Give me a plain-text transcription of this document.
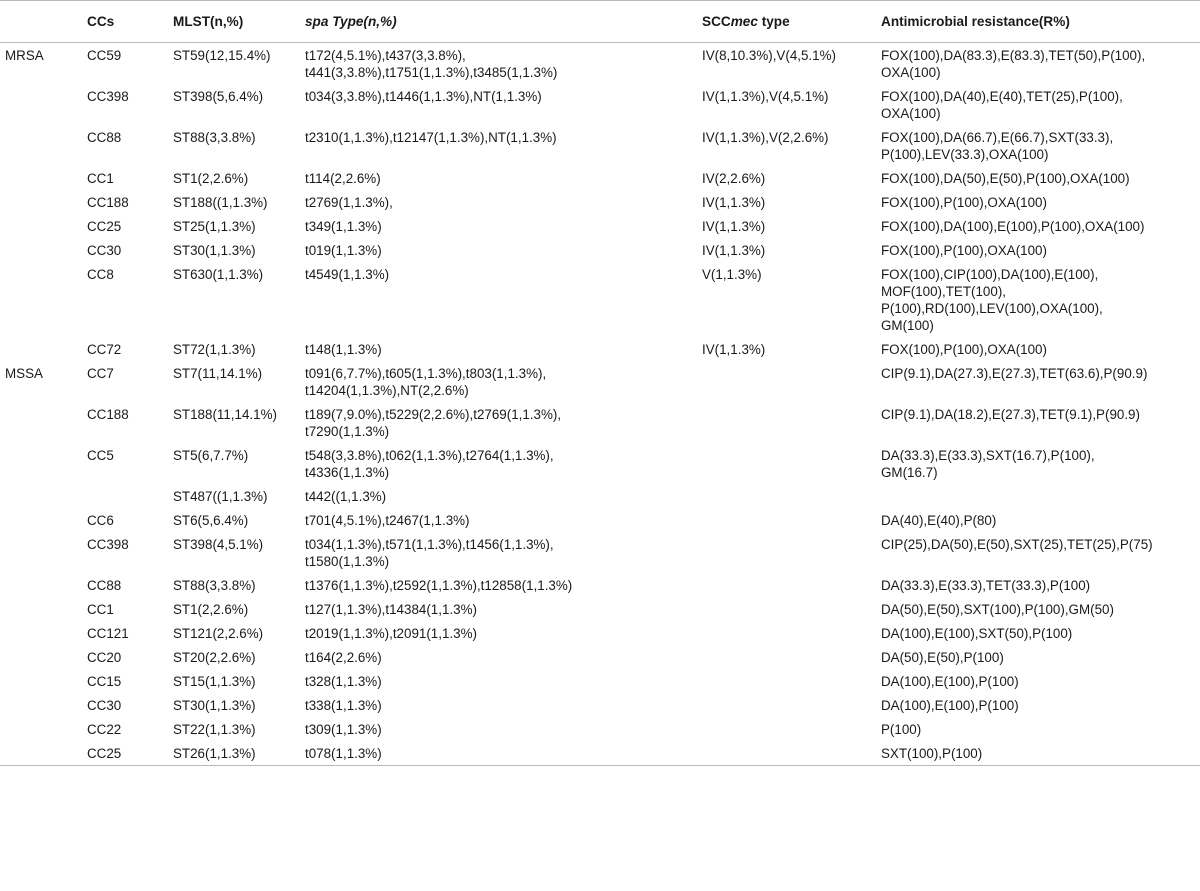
	CCs	MLST(n,%)	spa Type(n,%)	SCCmec type	Antimicrobial resistance(R%)
MRSA	CC59	ST59(12,15.4%)	t172(4,5.1%),t437(3,3.8%),
t441(3,3.8%),t1751(1,1.3%),t3485(1,1.3%)	IV(8,10.3%),V(4,5.1%)	FOX(100),DA(83.3),E(83.3),TET(50),P(100),
OXA(100)
	CC398	ST398(5,6.4%)	t034(3,3.8%),t1446(1,1.3%),NT(1,1.3%)	IV(1,1.3%),V(4,5.1%)	FOX(100),DA(40),E(40),TET(25),P(100),
OXA(100)
	CC88	ST88(3,3.8%)	t2310(1,1.3%),t12147(1,1.3%),NT(1,1.3%)	IV(1,1.3%),V(2,2.6%)	FOX(100),DA(66.7),E(66.7),SXT(33.3),
P(100),LEV(33.3),OXA(100)
	CC1	ST1(2,2.6%)	t114(2,2.6%)	IV(2,2.6%)	FOX(100),DA(50),E(50),P(100),OXA(100)
	CC188	ST188((1,1.3%)	t2769(1,1.3%),	IV(1,1.3%)	FOX(100),P(100),OXA(100)
	CC25	ST25(1,1.3%)	t349(1,1.3%)	IV(1,1.3%)	FOX(100),DA(100),E(100),P(100),OXA(100)
	CC30	ST30(1,1.3%)	t019(1,1.3%)	IV(1,1.3%)	FOX(100),P(100),OXA(100)
	CC8	ST630(1,1.3%)	t4549(1,1.3%)	V(1,1.3%)	FOX(100),CIP(100),DA(100),E(100),
MOF(100),TET(100),
P(100),RD(100),LEV(100),OXA(100),
GM(100)
	CC72	ST72(1,1.3%)	t148(1,1.3%)	IV(1,1.3%)	FOX(100),P(100),OXA(100)
MSSA	CC7	ST7(11,14.1%)	t091(6,7.7%),t605(1,1.3%),t803(1,1.3%),
t14204(1,1.3%),NT(2,2.6%)		CIP(9.1),DA(27.3),E(27.3),TET(63.6),P(90.9)
	CC188	ST188(11,14.1%)	t189(7,9.0%),t5229(2,2.6%),t2769(1,1.3%),
t7290(1,1.3%)		CIP(9.1),DA(18.2),E(27.3),TET(9.1),P(90.9)
	CC5	ST5(6,7.7%)	t548(3,3.8%),t062(1,1.3%),t2764(1,1.3%),
t4336(1,1.3%)		DA(33.3),E(33.3),SXT(16.7),P(100),
GM(16.7)
		ST487((1,1.3%)	t442((1,1.3%)		
	CC6	ST6(5,6.4%)	t701(4,5.1%),t2467(1,1.3%)		DA(40),E(40),P(80)
	CC398	ST398(4,5.1%)	t034(1,1.3%),t571(1,1.3%),t1456(1,1.3%),
t1580(1,1.3%)		CIP(25),DA(50),E(50),SXT(25),TET(25),P(75)
	CC88	ST88(3,3.8%)	t1376(1,1.3%),t2592(1,1.3%),t12858(1,1.3%)		DA(33.3),E(33.3),TET(33.3),P(100)
	CC1	ST1(2,2.6%)	t127(1,1.3%),t14384(1,1.3%)		DA(50),E(50),SXT(100),P(100),GM(50)
	CC121	ST121(2,2.6%)	t2019(1,1.3%),t2091(1,1.3%)		DA(100),E(100),SXT(50),P(100)
	CC20	ST20(2,2.6%)	t164(2,2.6%)		DA(50),E(50),P(100)
	CC15	ST15(1,1.3%)	t328(1,1.3%)		DA(100),E(100),P(100)
	CC30	ST30(1,1.3%)	t338(1,1.3%)		DA(100),E(100),P(100)
	CC22	ST22(1,1.3%)	t309(1,1.3%)		P(100)
	CC25	ST26(1,1.3%)	t078(1,1.3%)		SXT(100),P(100)
